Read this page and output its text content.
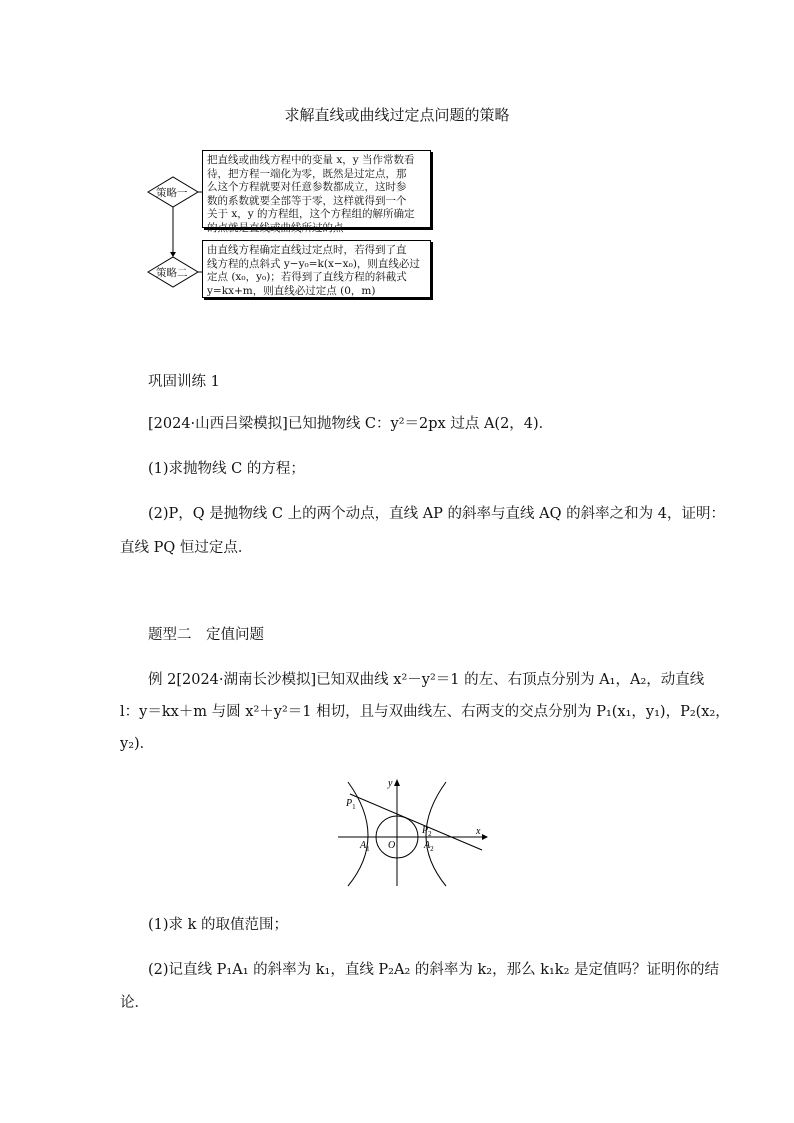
求解直线或曲线过定点问题的策略
策略一
策略二
把直线或曲线方程中的变量 x，y 当作常数看
待，把方程一端化为零，既然是过定点，那
么这个方程就要对任意参数都成立，这时参
数的系数就要全部等于零，这样就得到一个
关于 x，y 的方程组，这个方程组的解所确定
的点就是直线或曲线所过的点
由直线方程确定直线过定点时，若得到了直
线方程的点斜式 y−y₀=k(x−x₀)，则直线必过
定点 (x₀，y₀)；若得到了直线方程的斜截式
y=kx+m，则直线必过定点 (0，m)
巩固训练 1
[2024·山西吕梁模拟]已知抛物线 C：y²＝2px 过点 A(2，4)．
(1)求抛物线 C 的方程；
(2)P，Q 是抛物线 C 上的两个动点，直线 AP 的斜率与直线 AQ 的斜率之和为 4，证明：
直线 PQ 恒过定点．
题型二　定值问题
例 2[2024·湖南长沙模拟]已知双曲线 x²－y²＝1 的左、右顶点分别为 A₁，A₂，动直线
l：y＝kx＋m 与圆 x²＋y²＝1 相切，且与双曲线左、右两支的交点分别为 P₁(x₁，y₁)，P₂(x₂，
y₂)．
y
x
$P_1$
$P_2$
$A_1$	$A_2$
O
(1)求 k 的取值范围；
(2)记直线 P₁A₁ 的斜率为 k₁，直线 P₂A₂ 的斜率为 k₂，那么 k₁k₂ 是定值吗？证明你的结
论．
